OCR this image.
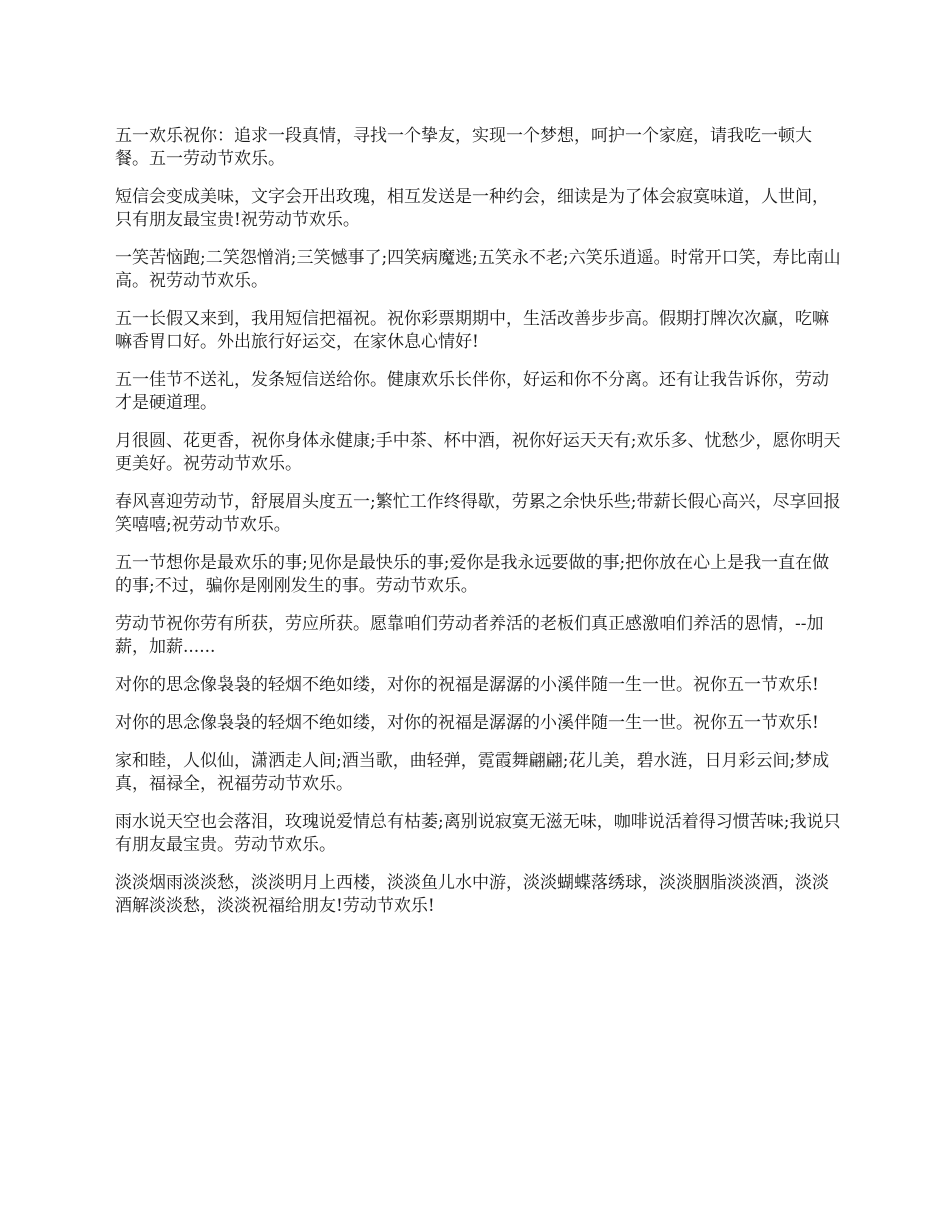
五一欢乐祝你：追求一段真情，寻找一个挚友，实现一个梦想，呵护一个家庭，请我吃一顿大餐。五一劳动节欢乐。

短信会变成美味，文字会开出玫瑰，相互发送是一种约会，细读是为了体会寂寞味道，人世间，只有朋友最宝贵!祝劳动节欢乐。

一笑苦恼跑;二笑怨憎消;三笑憾事了;四笑病魔逃;五笑永不老;六笑乐逍遥。时常开口笑，寿比南山高。祝劳动节欢乐。

五一长假又来到，我用短信把福祝。祝你彩票期期中，生活改善步步高。假期打牌次次赢，吃嘛嘛香胃口好。外出旅行好运交，在家休息心情好!

五一佳节不送礼，发条短信送给你。健康欢乐长伴你，好运和你不分离。还有让我告诉你，劳动才是硬道理。

月很圆、花更香，祝你身体永健康;手中茶、杯中酒，祝你好运天天有;欢乐多、忧愁少，愿你明天更美好。祝劳动节欢乐。

春风喜迎劳动节，舒展眉头度五一;繁忙工作终得歇，劳累之余快乐些;带薪长假心高兴，尽享回报笑嘻嘻;祝劳动节欢乐。

五一节想你是最欢乐的事;见你是最快乐的事;爱你是我永远要做的事;把你放在心上是我一直在做的事;不过，骗你是刚刚发生的事。劳动节欢乐。

劳动节祝你劳有所获，劳应所获。愿靠咱们劳动者养活的老板们真正感激咱们养活的恩情，--加薪，加薪......

对你的思念像袅袅的轻烟不绝如缕，对你的祝福是潺潺的小溪伴随一生一世。祝你五一节欢乐!

对你的思念像袅袅的轻烟不绝如缕，对你的祝福是潺潺的小溪伴随一生一世。祝你五一节欢乐!

家和睦，人似仙，潇洒走人间;酒当歌，曲轻弹，霓霞舞翩翩;花儿美，碧水涟，日月彩云间;梦成真，福禄全，祝福劳动节欢乐。

雨水说天空也会落泪，玫瑰说爱情总有枯萎;离别说寂寞无滋无味，咖啡说活着得习惯苦味;我说只有朋友最宝贵。劳动节欢乐。

淡淡烟雨淡淡愁，淡淡明月上西楼，淡淡鱼儿水中游，淡淡蝴蝶落绣球，淡淡胭脂淡淡酒，淡淡酒解淡淡愁，淡淡祝福给朋友!劳动节欢乐!
